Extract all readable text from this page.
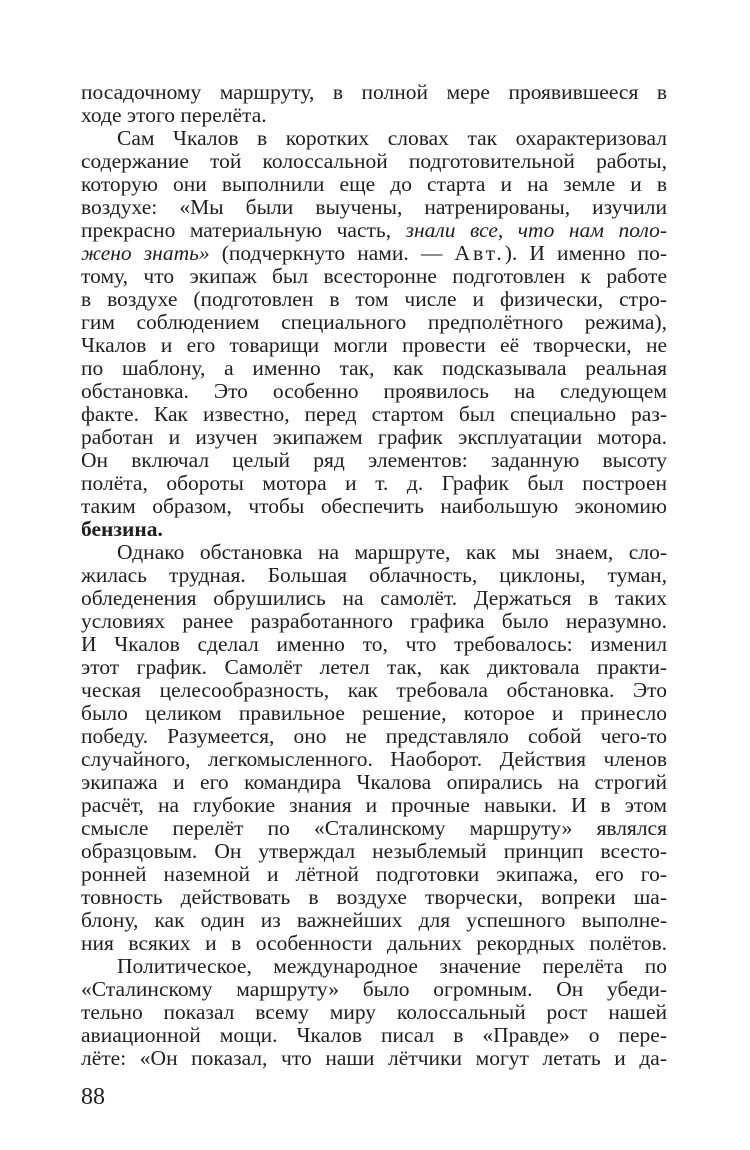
посадочному маршруту, в полной мере проявившееся в
ходе этого перелёта.
Сам Чкалов в коротких словах так охарактеризовал
содержание той колоссальной подготовительной работы,
которую они выполнили еще до старта и на земле и в
воздухе: «Мы были выучены, натренированы, изучили
прекрасно материальную часть, знали все, что нам поло-
жено знать» (подчеркнуто нами. — Авт.). И именно по-
тому, что экипаж был всесторонне подготовлен к работе
в воздухе (подготовлен в том числе и физически, стро-
гим соблюдением специального предполётного режима),
Чкалов и его товарищи могли провести её творчески, не
по шаблону, а именно так, как подсказывала реальная
обстановка. Это особенно проявилось на следующем
факте. Как известно, перед стартом был специально раз-
работан и изучен экипажем график эксплуатации мотора.
Он включал целый ряд элементов: заданную высоту
полёта, обороты мотора и т. д. График был построен
таким образом, чтобы обеспечить наибольшую экономию
бензина.
Однако обстановка на маршруте, как мы знаем, сло-
жилась трудная. Большая облачность, циклоны, туман,
обледенения обрушились на самолёт. Держаться в таких
условиях ранее разработанного графика было неразумно.
И Чкалов сделал именно то, что требовалось: изменил
этот график. Самолёт летел так, как диктовала практи-
ческая целесообразность, как требовала обстановка. Это
было целиком правильное решение, которое и принесло
победу. Разумеется, оно не представляло собой чего-то
случайного, легкомысленного. Наоборот. Действия членов
экипажа и его командира Чкалова опирались на строгий
расчёт, на глубокие знания и прочные навыки. И в этом
смысле перелёт по «Сталинскому маршруту» являлся
образцовым. Он утверждал незыблемый принцип всесто-
ронней наземной и лётной подготовки экипажа, его го-
товность действовать в воздухе творчески, вопреки ша-
блону, как один из важнейших для успешного выполне-
ния всяких и в особенности дальних рекордных полётов.
Политическое, международное значение перелёта по
«Сталинскому маршруту» было огромным. Он убеди-
тельно показал всему миру колоссальный рост нашей
авиационной мощи. Чкалов писал в «Правде» о пере-
лёте: «Он показал, что наши лётчики могут летать и да-
88
